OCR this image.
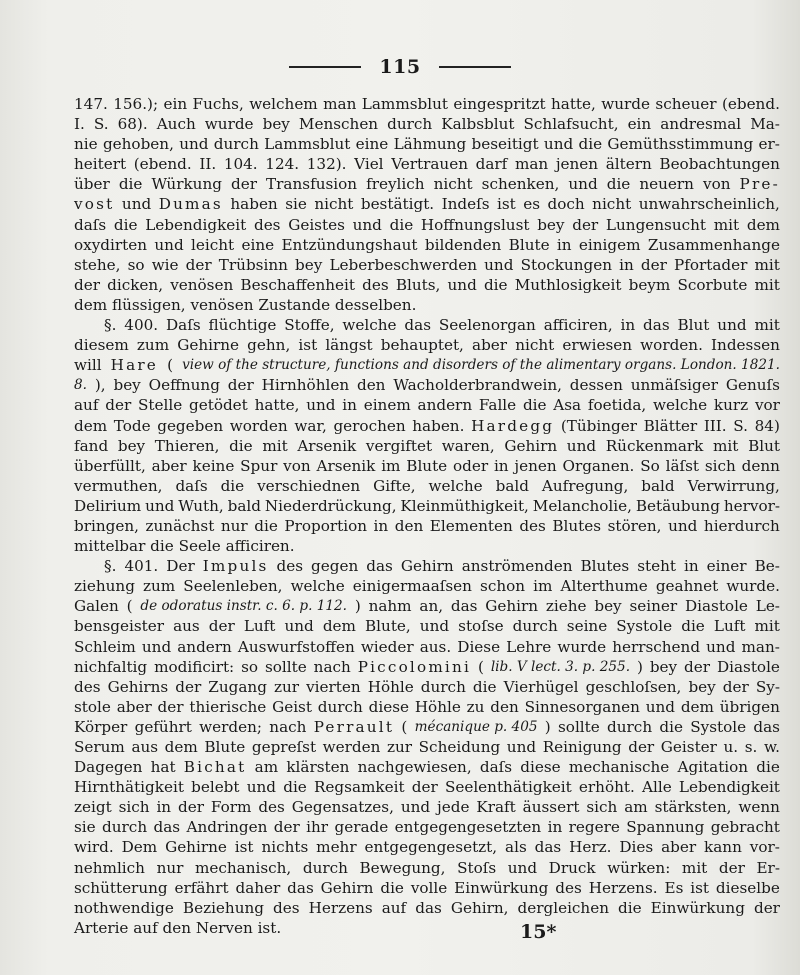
115
147. 156.); ein Fuchs, welchem man Lammsblut eingespritzt hatte, wurde scheuer (ebend.
I. S. 68). Auch wurde bey Menschen durch Kalbsblut Schlafsucht, ein andresmal Ma-
nie gehoben, und durch Lammsblut eine Lähmung beseitigt und die Gemüthsstimmung er-
heitert (ebend. II. 104. 124. 132). Viel Vertrauen darf man jenen ältern Beobachtungen
über die Würkung der Transfusion freylich nicht schenken, und die neuern von Pre-
vost und Dumas haben sie nicht bestätigt. Indeſs ist es doch nicht unwahrscheinlich,
daſs die Lebendigkeit des Geistes und die Hoffnungslust bey der Lungensucht mit dem
oxydirten und leicht eine Entzündungshaut bildenden Blute in einigem Zusammenhange
stehe, so wie der Trübsinn bey Leberbeschwerden und Stockungen in der Pfortader mit
der dicken, venösen Beschaffenheit des Bluts, und die Muthlosigkeit beym Scorbute mit
dem flüssigen, venösen Zustande desselben.
§. 400. Daſs flüchtige Stoffe, welche das Seelenorgan afficiren, in das Blut und mit
diesem zum Gehirne gehn, ist längst behauptet, aber nicht erwiesen worden. Indessen
will Hare ( view of the structure, functions and disorders of the alimentary organs. London. 1821.
8. ), bey Oeffnung der Hirnhöhlen den Wacholderbrandwein, dessen unmäſsiger Genuſs
auf der Stelle getödet hatte, und in einem andern Falle die Asa foetida, welche kurz vor
dem Tode gegeben worden war, gerochen haben. Hardegg (Tübinger Blätter III. S. 84)
fand bey Thieren, die mit Arsenik vergiftet waren, Gehirn und Rückenmark mit Blut
überfüllt, aber keine Spur von Arsenik im Blute oder in jenen Organen. So läſst sich denn
vermuthen, daſs die verschiednen Gifte, welche bald Aufregung, bald Verwirrung,
Delirium und Wuth, bald Niederdrückung, Kleinmüthigkeit, Melancholie, Betäubung hervor-
bringen, zunächst nur die Proportion in den Elementen des Blutes stören, und hierdurch
mittelbar die Seele afficiren.
§. 401. Der Impuls des gegen das Gehirn anströmenden Blutes steht in einer Be-
ziehung zum Seelenleben, welche einigermaaſsen schon im Alterthume geahnet wurde.
Galen ( de odoratus instr. c. 6. p. 112. ) nahm an, das Gehirn ziehe bey seiner Diastole Le-
bensgeister aus der Luft und dem Blute, und stoſse durch seine Systole die Luft mit
Schleim und andern Auswurfstoffen wieder aus. Diese Lehre wurde herrschend und man-
nichfaltig modificirt: so sollte nach Piccolomini ( lib. V lect. 3. p. 255. ) bey der Diastole
des Gehirns der Zugang zur vierten Höhle durch die Vierhügel geschloſsen, bey der Sy-
stole aber der thierische Geist durch diese Höhle zu den Sinnesorganen und dem übrigen
Körper geführt werden; nach Perrault ( mécanique p. 405 ) sollte durch die Systole das
Serum aus dem Blute gepreſst werden zur Scheidung und Reinigung der Geister u. s. w.
Dagegen hat Bichat am klärsten nachgewiesen, daſs diese mechanische Agitation die
Hirnthätigkeit belebt und die Regsamkeit der Seelenthätigkeit erhöht. Alle Lebendigkeit
zeigt sich in der Form des Gegensatzes, und jede Kraft äussert sich am stärksten, wenn
sie durch das Andringen der ihr gerade entgegengesetzten in regere Spannung gebracht
wird. Dem Gehirne ist nichts mehr entgegengesetzt, als das Herz. Dies aber kann vor-
nehmlich nur mechanisch, durch Bewegung, Stoſs und Druck würken: mit der Er-
schütterung erfährt daher das Gehirn die volle Einwürkung des Herzens. Es ist dieselbe
nothwendige Beziehung des Herzens auf das Gehirn, dergleichen die Einwürkung der
Arterie auf den Nerven ist.	15*
